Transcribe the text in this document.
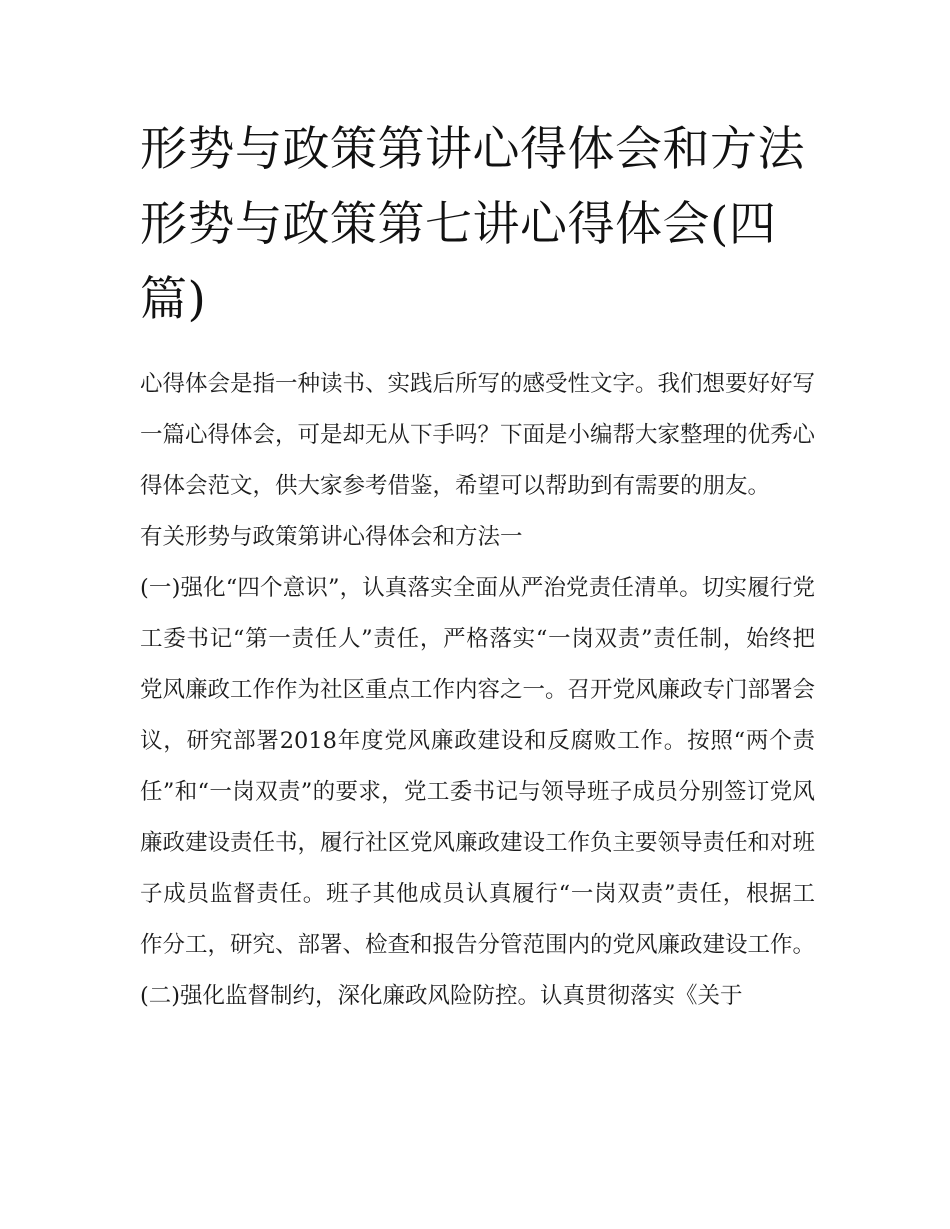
形势与政策第讲心得体会和方法 形势与政策第七讲心得体会(四篇)

心得体会是指一种读书、实践后所写的感受性文字。我们想要好好写一篇心得体会，可是却无从下手吗？下面是小编帮大家整理的优秀心得体会范文，供大家参考借鉴，希望可以帮助到有需要的朋友。

有关形势与政策第讲心得体会和方法一

(一)强化“四个意识”，认真落实全面从严治党责任清单。切实履行党工委书记“第一责任人”责任，严格落实“一岗双责”责任制，始终把党风廉政工作作为社区重点工作内容之一。召开党风廉政专门部署会议，研究部署2018年度党风廉政建设和反腐败工作。按照“两个责任”和“一岗双责”的要求，党工委书记与领导班子成员分别签订党风廉政建设责任书，履行社区党风廉政建设工作负主要领导责任和对班子成员监督责任。班子其他成员认真履行“一岗双责”责任，根据工作分工，研究、部署、检查和报告分管范围内的党风廉政建设工作。

(二)强化监督制约，深化廉政风险防控。认真贯彻落实《关于
